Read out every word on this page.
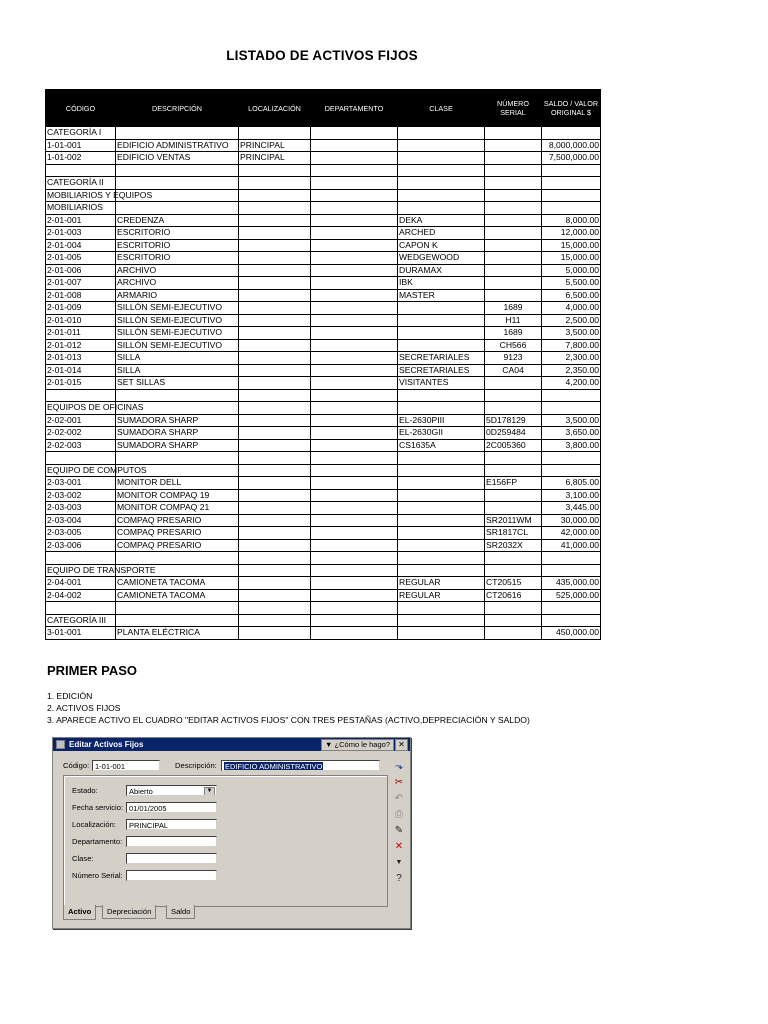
LISTADO DE ACTIVOS FIJOS
CÓDIGO	DESCRIPCIÓN	LOCALIZACIÓN	DEPARTAMENTO	CLASE	NÚMERO SERIAL	SALDO / VALOR ORIGINAL $

CATEGORÍA I						

1-01-001	EDIFICIO ADMINISTRATIVO	PRINCIPAL				8,000,000.00
1-01-002	EDIFICIO VENTAS	PRINCIPAL				7,500,000.00

CATEGORÍA II						

MOBILIARIOS Y EQUIPOS						

MOBILIARIOS						

2-01-001	CREDENZA			DEKA		8,000.00
2-01-003	ESCRITORIO			ARCHED		12,000.00
2-01-004	ESCRITORIO			CAPON K		15,000.00
2-01-005	ESCRITORIO			WEDGEWOOD		15,000.00
2-01-006	ARCHIVO			DURAMAX		5,000.00
2-01-007	ARCHIVO			IBK		5,500.00
2-01-008	ARMARIO			MASTER		6,500.00
2-01-009	SILLÓN SEMI-EJECUTIVO				1689	4,000.00
2-01-010	SILLÓN SEMI-EJECUTIVO				H11	2,500.00
2-01-011	SILLÓN SEMI-EJECUTIVO				1689	3,500.00
2-01-012	SILLÓN SEMI-EJECUTIVO				CH566	7,800.00
2-01-013	SILLA			SECRETARIALES	9123	2,300.00
2-01-014	SILLA			SECRETARIALES	CA04	2,350.00
2-01-015	SET SILLAS			VISITANTES		4,200.00

EQUIPOS DE OFICINAS						

2-02-001	SUMADORA SHARP			EL-2630PIII	5D178129	3,500.00
2-02-002	SUMADORA SHARP			EL-2630GII	0D259484	3,650.00
2-02-003	SUMADORA SHARP			CS1635A	2C005360	3,800.00

EQUIPO DE COMPUTOS						

2-03-001	MONITOR DELL				E156FP	6,805.00
2-03-002	MONITOR COMPAQ 19					3,100.00
2-03-003	MONITOR COMPAQ 21					3,445.00
2-03-004	COMPAQ PRESARIO				SR2011WM	30,000.00
2-03-005	COMPAQ PRESARIO				SR1817CL	42,000.00
2-03-006	COMPAQ PRESARIO				SR2032X	41,000.00

EQUIPO DE TRANSPORTE						

2-04-001	CAMIONETA TACOMA			REGULAR	CT20515	435,000.00
2-04-002	CAMIONETA TACOMA			REGULAR	CT20616	525,000.00

CATEGORÍA III						

3-01-001	PLANTA ELÉCTRICA					450,000.00
PRIMER PASO
1. EDICIÓN
2. ACTIVOS FIJOS
3. APARECE ACTIVO EL CUADRO "EDITAR ACTIVOS FIJOS" CON TRES PESTAÑAS (ACTIVO,DEPRECIACIÓN Y SALDO)
Editar Activos Fijos	▼ ¿Cómo le hago?	✕
Código: 1-01-001	Descripción:	EDIFICIO ADMINISTRATIVO
Estado:	Abierto	▼
Fecha servicio: 01/01/2005
Localización:	PRINCIPAL
Departamento:
Clase:
Número Serial:
⬎
✂
↶
⎙
✎
✕
▼
?
Activo	Depreciación	Saldo
